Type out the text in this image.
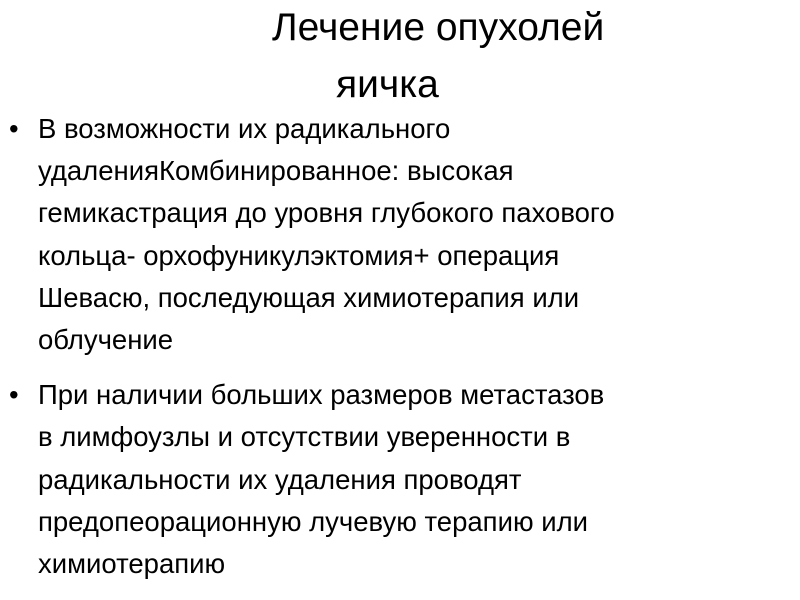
Лечение опухолей
яичка
• В возможности их радикального
удаленияКомбинированное: высокая
гемикастрация до уровня глубокого пахового
кольца- орхофуникулэктомия+ операция
Шевасю, последующая химиотерапия или
облучение
• При наличии больших размеров метастазов
в лимфоузлы и отсутствии уверенности в
радикальности их удаления проводят
предопеорационную лучевую терапию или
химиотерапию
